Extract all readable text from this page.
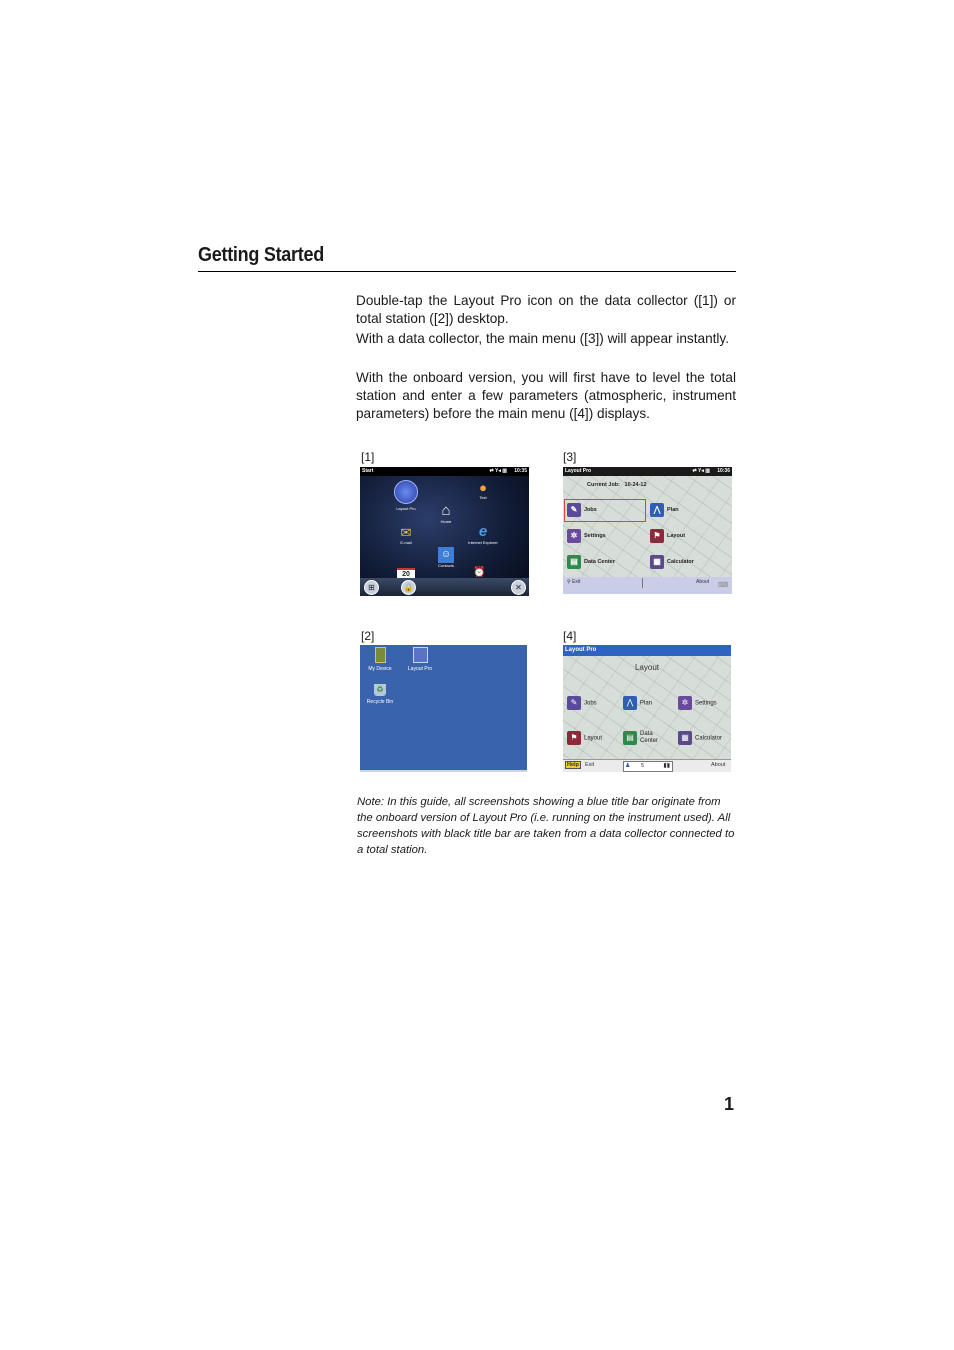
Getting Started
Double-tap the Layout Pro icon on the data collector ([1]) or total station ([2]) desktop.
With a data collector, the main menu ([3]) will appear instantly.
With the onboard version, you will first have to level the total station and enter a few parameters (atmospheric, instrument parameters) before the main menu ([4]) displays.
[1]	[3]
[2]	[4]
Start	10:35
⇄ Y◂ ▥
Layout Pro
●
Text
⌂
Home
✉
E-mail
e
Internet Explorer
☺
Contacts
20	⏰
⊞	🔒	✕
Layout Pro	10:36
⇄ Y◂ ▥
Current Job: 10-24-12
✎ Jobs	⋀ Plan
✲ Settings	⚑ Layout
▤ Data Center	▦ Calculator
⚲ Exit	About ⌨
My Device	Layout Pro
♻
Recycle Bin
Layout Pro
Layout
✎ Jobs	⋀ Plan	✲ Settings
⚑ Layout	▤	Data
Center	▦ Calculator
Help	Exit	♟ 5	▮▮	About
Note: In this guide, all screenshots showing a blue title bar originate from the onboard version of Layout Pro (i.e. running on the instrument used). All screenshots with black title bar are taken from a data collector connected to a total station.
1
